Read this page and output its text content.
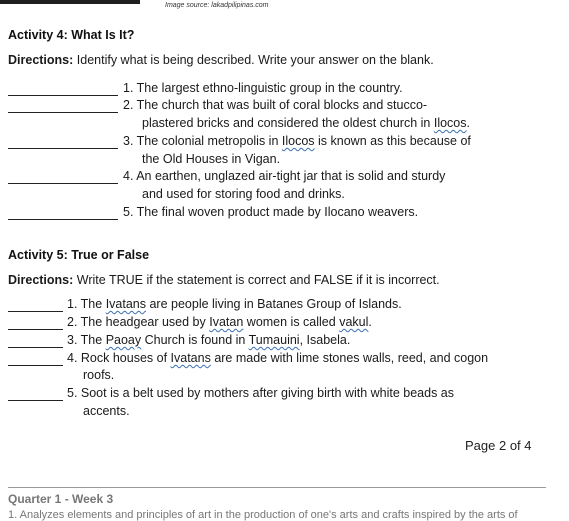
Image source: lakadpilipinas.com
Activity 4: What Is It?
Directions: Identify what is being described. Write your answer on the blank.
1. The largest ethno-linguistic group in the country.
2. The church that was built of coral blocks and stucco-
plastered bricks and considered the oldest church in Ilocos.
3. The colonial metropolis in Ilocos is known as this because of
the Old Houses in Vigan.
4. An earthen, unglazed air-tight jar that is solid and sturdy
and used for storing food and drinks.
5. The final woven product made by Ilocano weavers.
Activity 5: True or False
Directions: Write TRUE if the statement is correct and FALSE if it is incorrect.
1. The Ivatans are people living in Batanes Group of Islands.
2. The headgear used by Ivatan women is called vakul.
3. The Paoay Church is found in Tumauini, Isabela.
4. Rock houses of Ivatans are made with lime stones walls, reed, and cogon
roofs.
5. Soot is a belt used by mothers after giving birth with white beads as
accents.
Page 2 of 4
Quarter 1 - Week 3
1. Analyzes elements and principles of art in the production of one's arts and crafts inspired by the arts of
